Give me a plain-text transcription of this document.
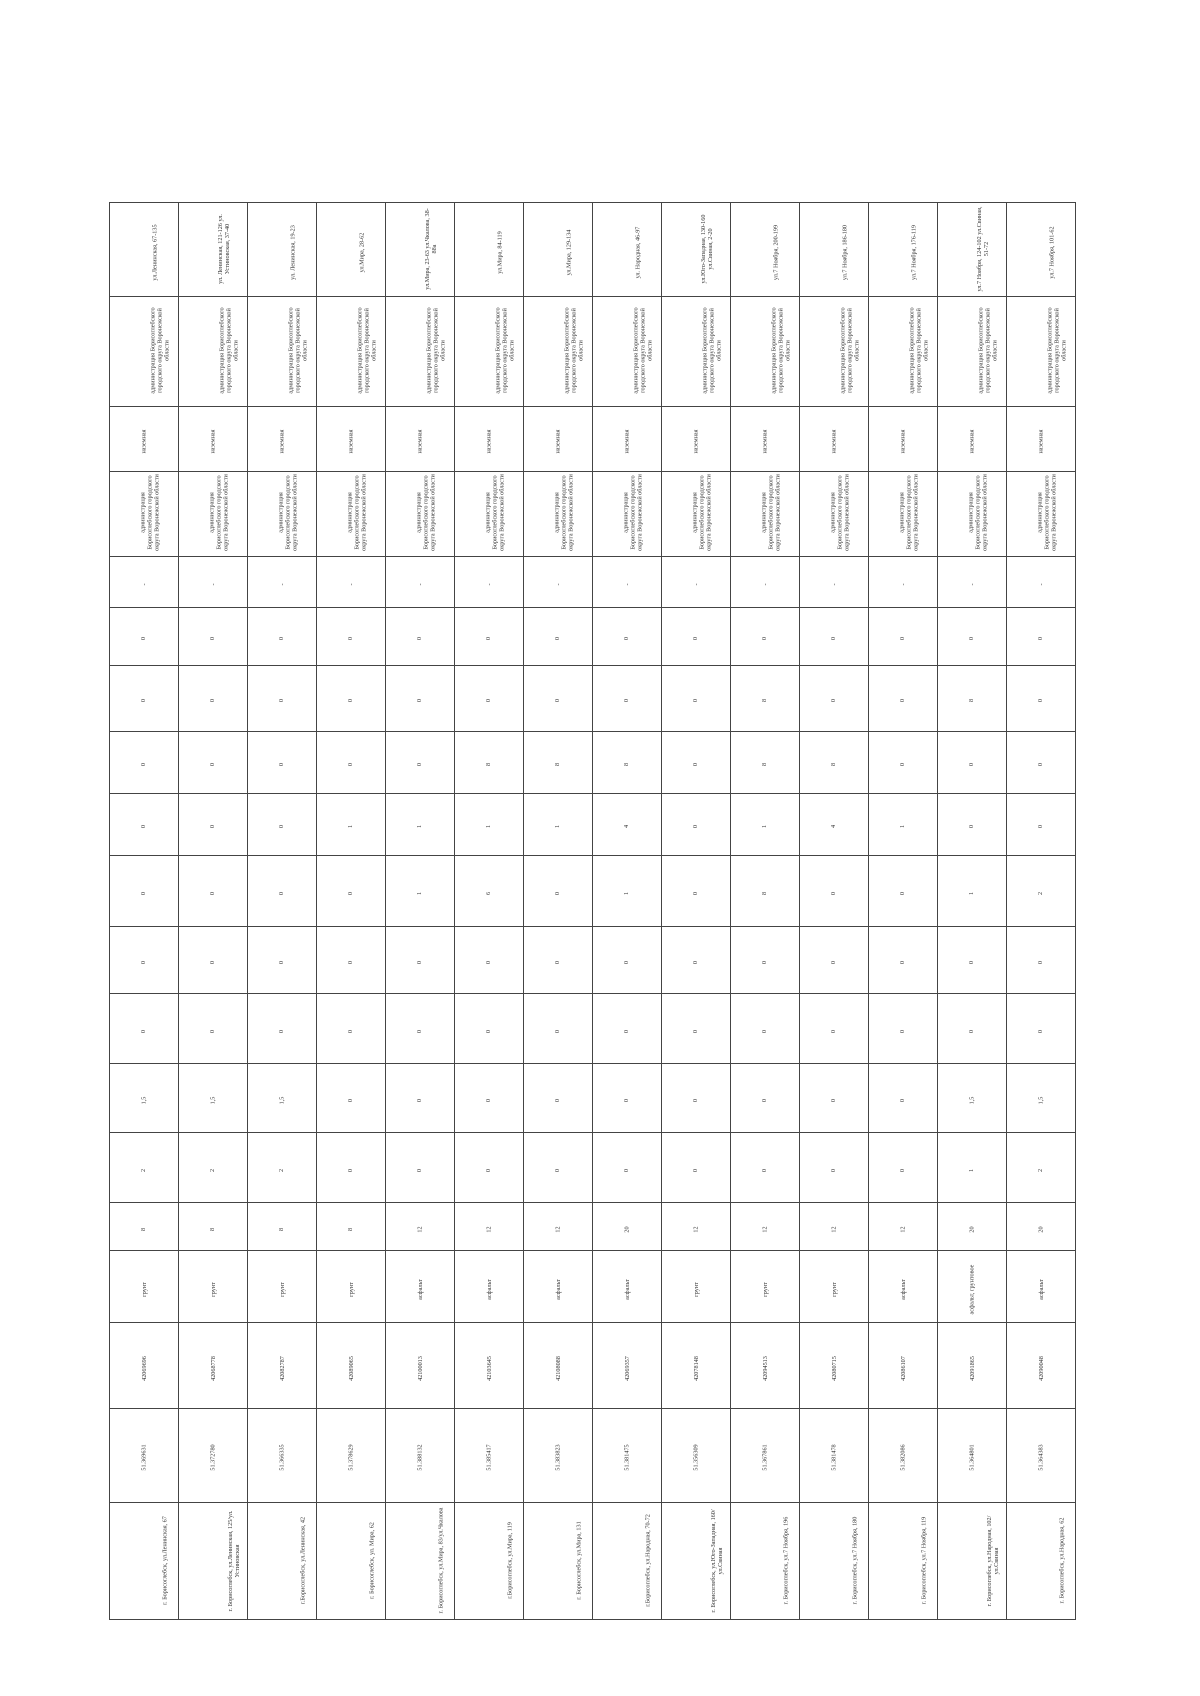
ул.Ленинская, 67-135	ул. Ленинская, 121-126 ул. Устиновская, 37-40	ул. Ленинская, 19-23	ул.Мира, 28-62	ул.Мира, 23-63 ул.Чкалова, 38-88а	ул.Мира, 84-119	ул.Мира, 129-134	ул. Народная, 46-97	ул.Юго-Западная, 130-160 ул.Свиная, 2-20	ул.7 Ноября, 200-199	ул.7 Ноября, 186-180	ул.7 Ноября, 176-119	ул.7 Ноября, 124-102 ул.Свиная, 51-72	ул.7 Ноября, 101-62
администрация Борисоглебского городского округа Воронежской области	администрация Борисоглебского городского округа Воронежской области	администрация Борисоглебского городского округа Воронежской области	администрация Борисоглебского городского округа Воронежской области	администрация Борисоглебского городского округа Воронежской области	администрация Борисоглебского городского округа Воронежской области	администрация Борисоглебского городского округа Воронежской области	администрация Борисоглебского городского округа Воронежской области	администрация Борисоглебского городского округа Воронежской области	администрация Борисоглебского городского округа Воронежской области	администрация Борисоглебского городского округа Воронежской области	администрация Борисоглебского городского округа Воронежской области	администрация Борисоглебского городского округа Воронежской области	администрация Борисоглебского городского округа Воронежской области
наземная	наземная	наземная	наземная	наземная	наземная	наземная	наземная	наземная	наземная	наземная	наземная	наземная	наземная
администрация Борисоглебского городского округа Воронежской области	администрация Борисоглебского городского округа Воронежской области	администрация Борисоглебского городского округа Воронежской области	администрация Борисоглебского городского округа Воронежской области	администрация Борисоглебского городского округа Воронежской области	администрация Борисоглебского городского округа Воронежской области	администрация Борисоглебского городского округа Воронежской области	администрация Борисоглебского городского округа Воронежской области	администрация Борисоглебского городского округа Воронежской области	администрация Борисоглебского городского округа Воронежской области	администрация Борисоглебского городского округа Воронежской области	администрация Борисоглебского городского округа Воронежской области	администрация Борисоглебского городского округа Воронежской области	администрация Борисоглебского городского округа Воронежской области
-	-	-	-	-	-	-	-	-	-	-	-	-	-
0	0	0	0	0	0	0	0	0	0	0	0	0	0
0	0	0	0	0	0	0	0	0	8	0	0	8	0
0	0	0	0	0	8	8	8	0	8	8	0	0	0
0	0	0	1	1	1	1	4	0	1	4	1	0	0
0	0	0	0	1	6	0	1	0	8	0	0	1	2
0	0	0	0	0	0	0	0	0	0	0	0	0	0
0	0	0	0	0	0	0	0	0	0	0	0	0	0
1,5	1,5	1,5	0	0	0	0	0	0	0	0	0	1,5	1,5
2	2	2	0	0	0	0	0	0	0	0	0	1	2
8	8	8	8	12	12	12	20	12	12	12	12	20	20
грунт	грунт	грунт	грунт	асфальт	асфальт	асфальт	асфальт	грунт	грунт	грунт	асфальт	асфальт, грунтовое	асфальт
42069696	42068778	42082787	42089065	42100013	42103645	42108088	42069357	42078148	42094513	42080715	42086107	42091865	42090048
51.369631	51.372780	51.366335	51.378629	51.388132	51.385417	51.383823	51.381475	51.356309	51.367861	51.381478	51.382086	51.364801	51.364383
г. Борисоглебск, ул.Ленинская, 67	г. Борисоглебск, ул.Ленинская, 125/ул. Устиновская	г.Борисоглебск, ул.Ленинская, 42	г. Борисоглебск, ул. Мира, 62	г. Борисоглебск, ул.Мира, 83/ул.Чкалова	г.Борисоглебск, ул.Мира, 119	г. Борисоглебск, ул.Мира, 131	г.Борисоглебск, ул.Народная, 70-72	г. Борисоглебск, ул.Юго-Западная, 160/ул.Свиная	г. Борисоглебск, ул.7 Ноября, 196	г. Борисоглебск, ул.7 Ноября, 180	г. Борисоглебск, ул.7 Ноября, 119	г. Борисоглебск, ул.Народная, 102/ул.Свиная	г. Борисоглебск, ул.Народная, 62
